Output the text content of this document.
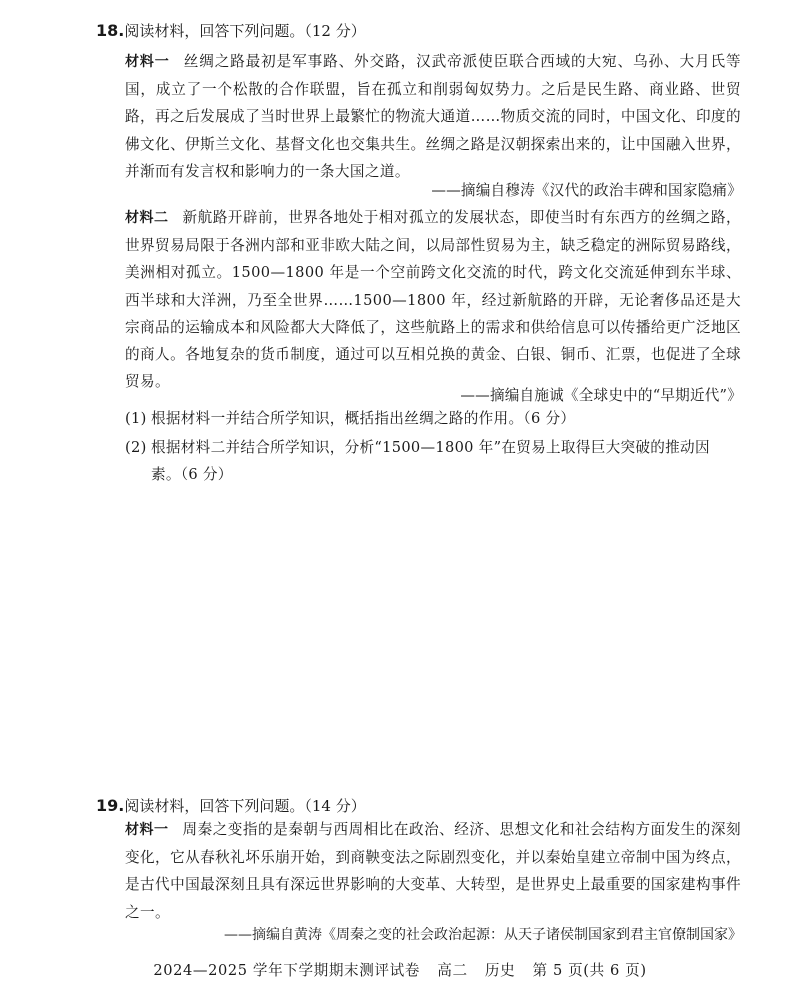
18.阅读材料，回答下列问题。（12 分）
材料一 丝绸之路最初是军事路、外交路，汉武帝派使臣联合西域的大宛、乌孙、大月氏等国，成立了一个松散的合作联盟，旨在孤立和削弱匈奴势力。之后是民生路、商业路、世贸路，再之后发展成了当时世界上最繁忙的物流大通道……物质交流的同时，中国文化、印度的佛文化、伊斯兰文化、基督文化也交集共生。丝绸之路是汉朝探索出来的，让中国融入世界，并渐而有发言权和影响力的一条大国之道。
——摘编自穆涛《汉代的政治丰碑和国家隐痛》
材料二 新航路开辟前，世界各地处于相对孤立的发展状态，即使当时有东西方的丝绸之路，世界贸易局限于各洲内部和亚非欧大陆之间，以局部性贸易为主，缺乏稳定的洲际贸易路线，美洲相对孤立。1500—1800 年是一个空前跨文化交流的时代，跨文化交流延伸到东半球、西半球和大洋洲，乃至全世界……1500—1800 年，经过新航路的开辟，无论奢侈品还是大宗商品的运输成本和风险都大大降低了，这些航路上的需求和供给信息可以传播给更广泛地区的商人。各地复杂的货币制度，通过可以互相兑换的黄金、白银、铜币、汇票，也促进了全球贸易。
——摘编自施诚《全球史中的“早期近代”》
(1) 根据材料一并结合所学知识，概括指出丝绸之路的作用。（6 分）
(2) 根据材料二并结合所学知识，分析“1500—1800 年”在贸易上取得巨大突破的推动因
素。（6 分）
19.阅读材料，回答下列问题。（14 分）
材料一 周秦之变指的是秦朝与西周相比在政治、经济、思想文化和社会结构方面发生的深刻变化，它从春秋礼坏乐崩开始，到商鞅变法之际剧烈变化，并以秦始皇建立帝制中国为终点，是古代中国最深刻且具有深远世界影响的大变革、大转型，是世界史上最重要的国家建构事件之一。
——摘编自黄涛《周秦之变的社会政治起源：从天子诸侯制国家到君主官僚制国家》
2024—2025 学年下学期期末测评试卷 高二 历史 第 5 页(共 6 页)
